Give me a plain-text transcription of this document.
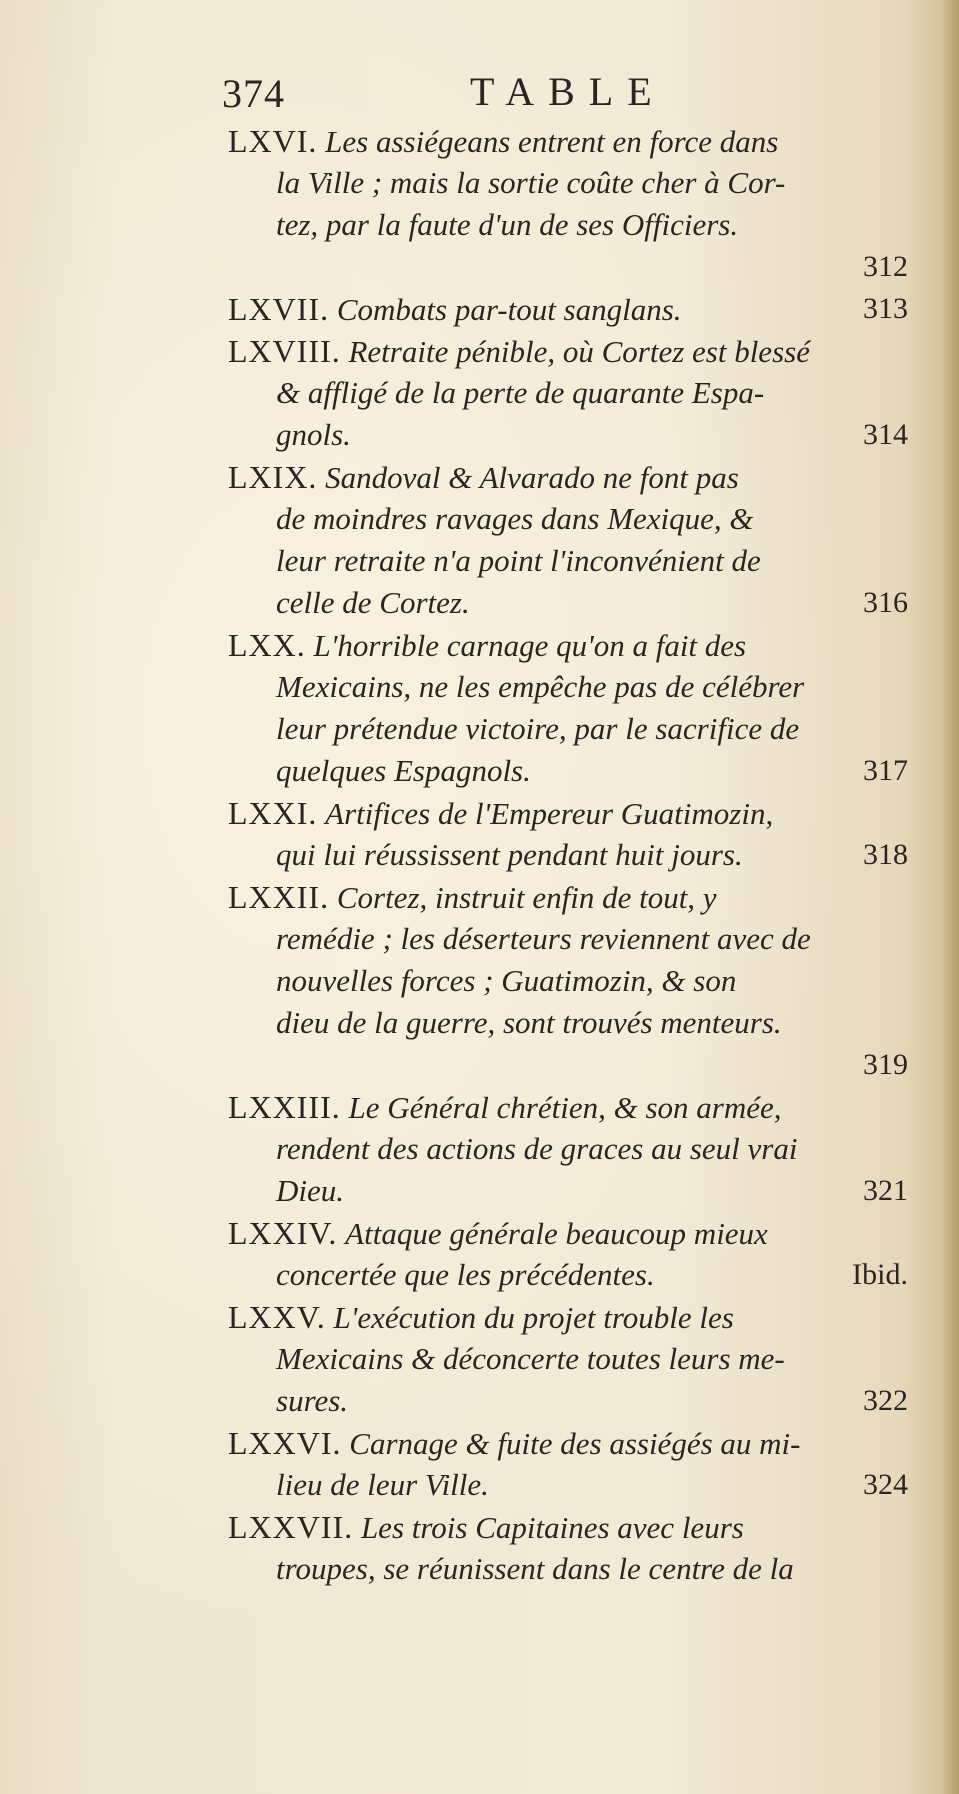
374	TABLE
LXVI. Les assiégeans entrent en force dans
la Ville ; mais la sortie coûte cher à Cor-
tez, par la faute d'un de ses Officiers.
312
LXVII. Combats par-tout sanglans.	313
LXVIII. Retraite pénible, où Cortez est blessé
& affligé de la perte de quarante Espa-
gnols.	314
LXIX. Sandoval & Alvarado ne font pas
de moindres ravages dans Mexique, &
leur retraite n'a point l'inconvénient de
celle de Cortez.	316
LXX. L'horrible carnage qu'on a fait des
Mexicains, ne les empêche pas de célébrer
leur prétendue victoire, par le sacrifice de
quelques Espagnols.	317
LXXI. Artifices de l'Empereur Guatimozin,
qui lui réussissent pendant huit jours.	318
LXXII. Cortez, instruit enfin de tout, y
remédie ; les déserteurs reviennent avec de
nouvelles forces ; Guatimozin, & son
dieu de la guerre, sont trouvés menteurs.
319
LXXIII. Le Général chrétien, & son armée,
rendent des actions de graces au seul vrai
Dieu.	321
LXXIV. Attaque générale beaucoup mieux
concertée que les précédentes.	Ibid.
LXXV. L'exécution du projet trouble les
Mexicains & déconcerte toutes leurs me-
sures.	322
LXXVI. Carnage & fuite des assiégés au mi-
lieu de leur Ville.	324
LXXVII. Les trois Capitaines avec leurs
troupes, se réunissent dans le centre de la
